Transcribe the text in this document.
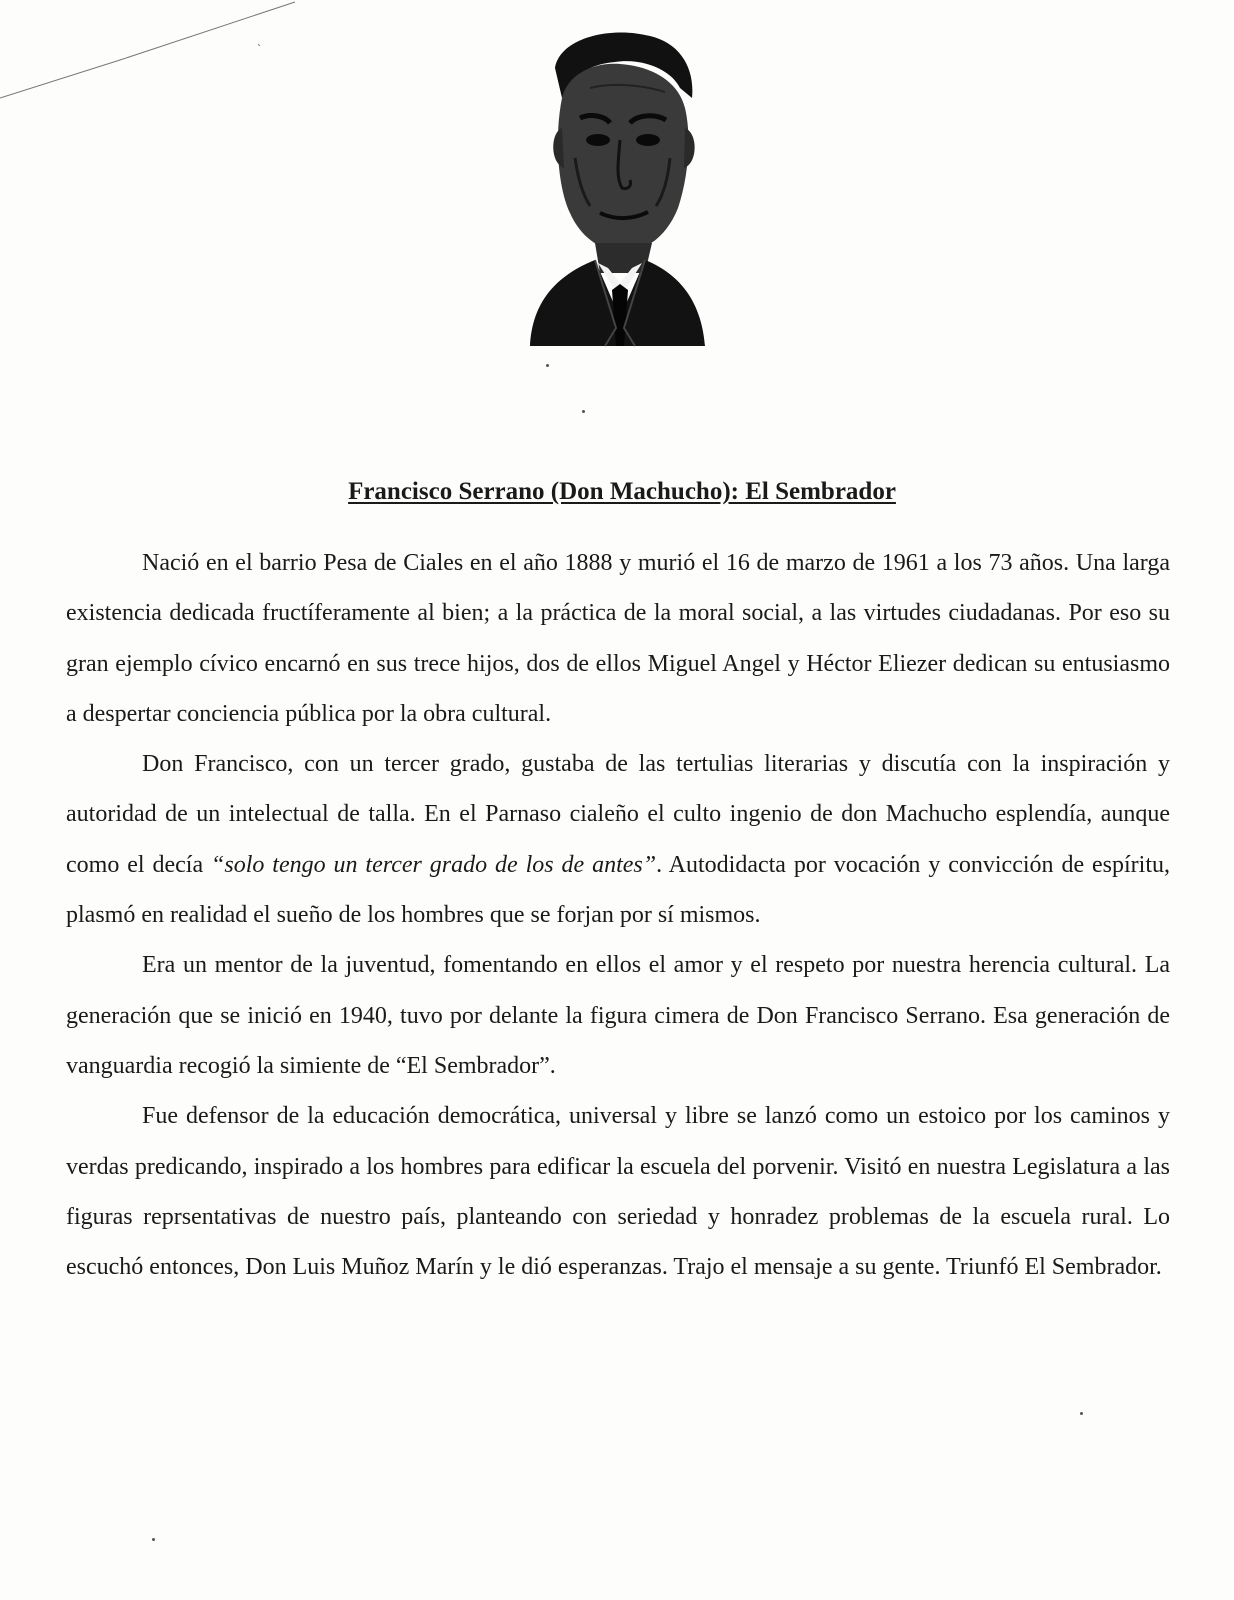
Francisco Serrano (Don Machucho): El Sembrador

Nació en el barrio Pesa de Ciales en el año 1888 y murió el 16 de marzo de 1961 a los 73 años. Una larga existencia dedicada fructíferamente al bien; a la práctica de la moral social, a las virtudes ciudadanas. Por eso su gran ejemplo cívico encarnó en sus trece hijos, dos de ellos Miguel Angel y Héctor Eliezer dedican su entusiasmo a despertar conciencia pública por la obra cultural.

Don Francisco, con un tercer grado, gustaba de las tertulias literarias y discutía con la inspiración y autoridad de un intelectual de talla. En el Parnaso cialeño el culto ingenio de don Machucho esplendía, aunque como el decía “solo tengo un tercer grado de los de antes”. Autodidacta por vocación y convicción de espíritu, plasmó en realidad el sueño de los hombres que se forjan por sí mismos.

Era un mentor de la juventud, fomentando en ellos el amor y el respeto por nuestra herencia cultural. La generación que se inició en 1940, tuvo por delante la figura cimera de Don Francisco Serrano. Esa generación de vanguardia recogió la simiente de “El Sembrador”.

Fue defensor de la educación democrática, universal y libre se lanzó como un estoico por los caminos y verdas predicando, inspirado a los hombres para edificar la escuela del porvenir. Visitó en nuestra Legislatura a las figuras reprsentativas de nuestro país, planteando con seriedad y honradez problemas de la escuela rural. Lo escuchó entonces, Don Luis Muñoz Marín y le dió esperanzas. Trajo el mensaje a su gente. Triunfó El Sembrador.
